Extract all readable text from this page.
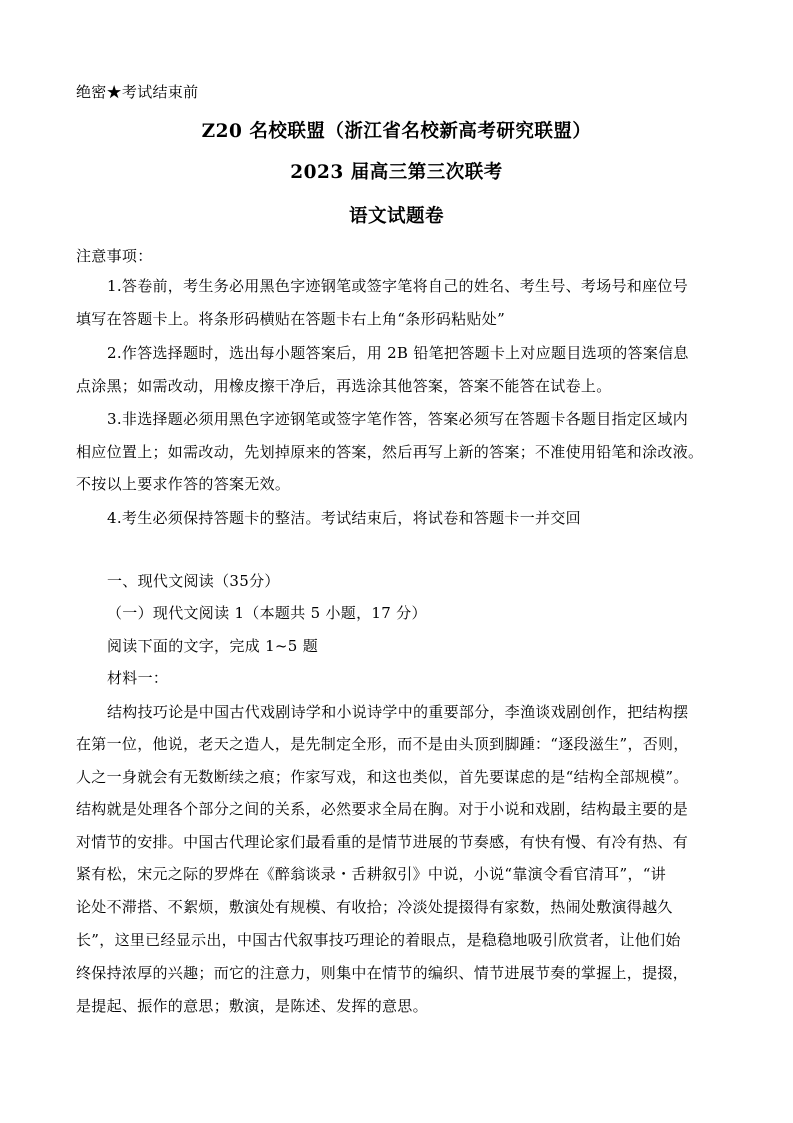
绝密★考试结束前
Z20 名校联盟（浙江省名校新高考研究联盟）
2023 届高三第三次联考
语文试题卷
注意事项：
1.答卷前，考生务必用黑色字迹钢笔或签字笔将自己的姓名、考生号、考场号和座位号
填写在答题卡上。将条形码横贴在答题卡右上角“条形码粘贴处”
2.作答选择题时，选出每小题答案后，用 2B 铅笔把答题卡上对应题目选项的答案信息
点涂黑；如需改动，用橡皮擦干净后，再选涂其他答案，答案不能答在试卷上。
3.非选择题必须用黑色字迹钢笔或签字笔作答，答案必须写在答题卡各题目指定区域内
相应位置上；如需改动，先划掉原来的答案，然后再写上新的答案；不准使用铅笔和涂改液。
不按以上要求作答的答案无效。
4.考生必须保持答题卡的整洁。考试结束后，将试卷和答题卡一并交回
一、现代文阅读（35分）
（一）现代文阅读 1（本题共 5 小题，17 分）
阅读下面的文字，完成 1~5 题
材料一：
结构技巧论是中国古代戏剧诗学和小说诗学中的重要部分，李渔谈戏剧创作，把结构摆
在第一位，他说，老天之造人，是先制定全形，而不是由头顶到脚踵：“逐段滋生”，否则，
人之一身就会有无数断续之痕；作家写戏，和这也类似，首先要谋虑的是“结构全部规模”。
结构就是处理各个部分之间的关系，必然要求全局在胸。对于小说和戏剧，结构最主要的是
对情节的安排。中国古代理论家们最看重的是情节进展的节奏感，有快有慢、有冷有热、有
紧有松，宋元之际的罗烨在《醉翁谈录・舌耕叙引》中说，小说“靠演令看官清耳”，“讲
论处不滞搭、不絮烦，敷演处有规模、有收拾；冷淡处提掇得有家数，热闹处敷演得越久
长”，这里已经显示出，中国古代叙事技巧理论的着眼点，是稳稳地吸引欣赏者，让他们始
终保持浓厚的兴趣；而它的注意力，则集中在情节的编织、情节进展节奏的掌握上，提掇，
是提起、振作的意思；敷演，是陈述、发挥的意思。
